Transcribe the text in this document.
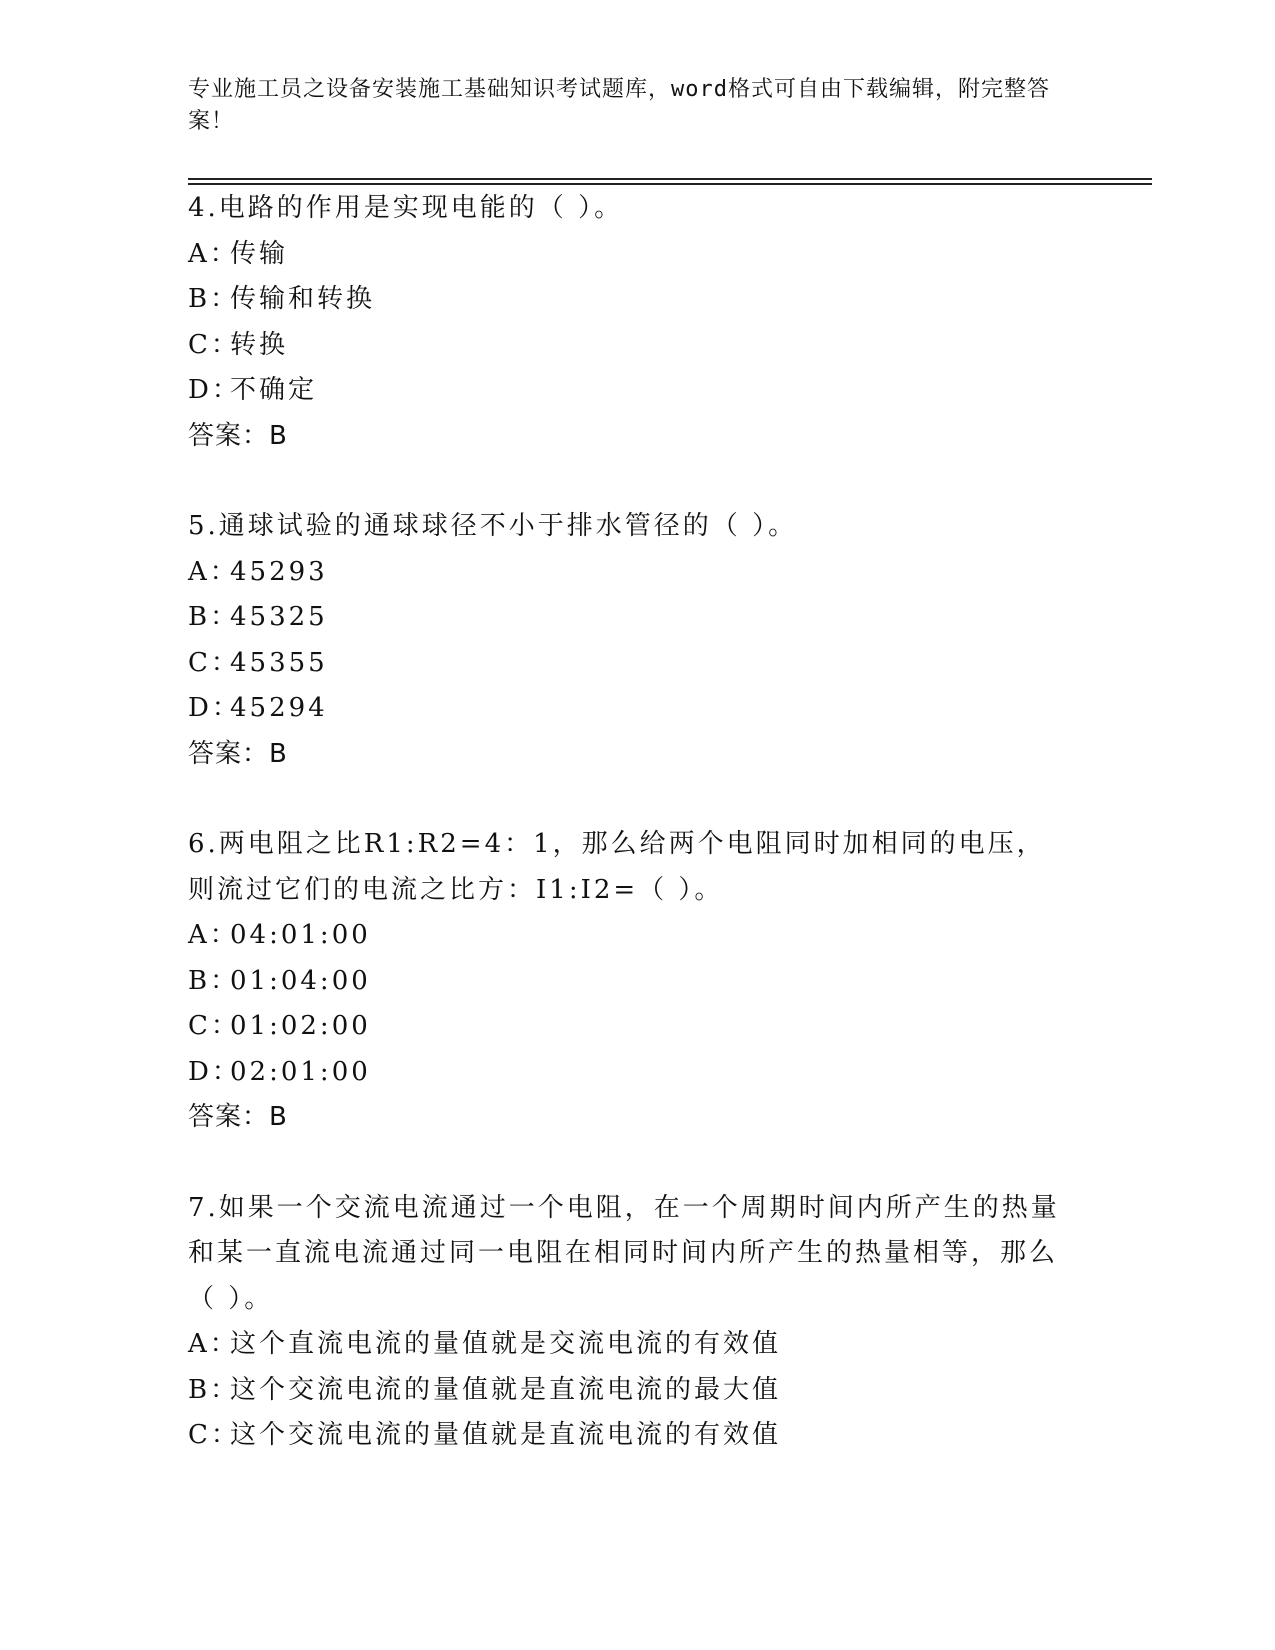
专业施工员之设备安装施工基础知识考试题库，word格式可自由下载编辑，附完整答案！
4.电路的作用是实现电能的（ ）。
A：传输
B：传输和转换
C：转换
D：不确定
答案：B
5.通球试验的通球球径不小于排水管径的（ ）。
A：45293
B：45325
C：45355
D：45294
答案：B
6.两电阻之比R1:R2=4：1，那么给两个电阻同时加相同的电压，则流过它们的电流之比方：I1:I2=（ ）。
A：04:01:00
B：01:04:00
C：01:02:00
D：02:01:00
答案：B
7.如果一个交流电流通过一个电阻，在一个周期时间内所产生的热量和某一直流电流通过同一电阻在相同时间内所产生的热量相等，那么（ ）。
A：这个直流电流的量值就是交流电流的有效值
B：这个交流电流的量值就是直流电流的最大值
C：这个交流电流的量值就是直流电流的有效值
